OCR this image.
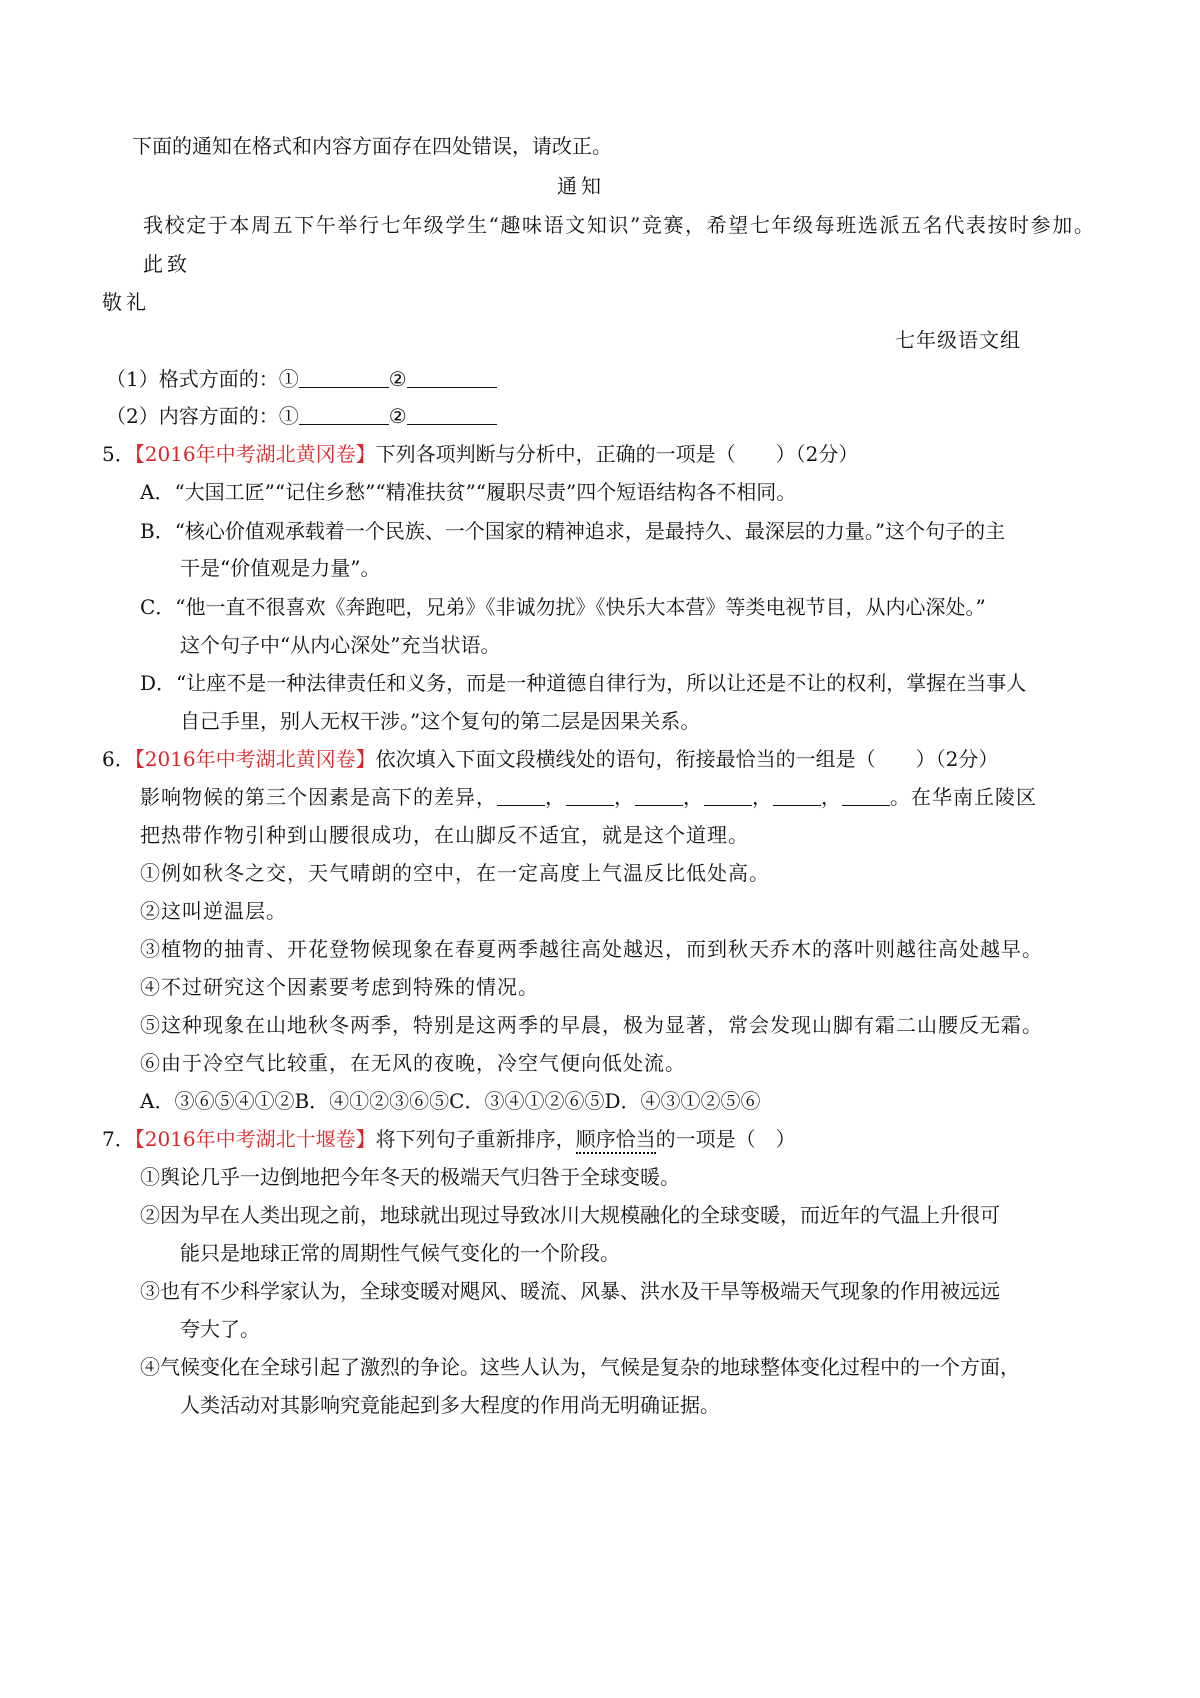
下面的通知在格式和内容方面存在四处错误，请改正。
通知
我校定于本周五下午举行七年级学生“趣味语文知识”竞赛，希望七年级每班选派五名代表按时参加。
此致
敬礼
七年级语文组
（1）格式方面的：①	②
（2）内容方面的：①	②
5．【2016年中考湖北黄冈卷】下列各项判断与分析中，正确的一项是（　　）（2分）
A．“大国工匠”“记住乡愁”“精准扶贫”“履职尽责”四个短语结构各不相同。
B．“核心价值观承载着一个民族、一个国家的精神追求，是最持久、最深层的力量。”这个句子的主
干是“价值观是力量”。
C．“他一直不很喜欢《奔跑吧，兄弟》《非诚勿扰》《快乐大本营》等类电视节目，从内心深处。”
这个句子中“从内心深处”充当状语。
D．“让座不是一种法律责任和义务，而是一种道德自律行为，所以让还是不让的权利，掌握在当事人
自己手里，别人无权干涉。”这个复句的第二层是因果关系。
6．【2016年中考湖北黄冈卷】依次填入下面文段横线处的语句，衔接最恰当的一组是（　　）（2分）
影响物候的第三个因素是高下的差异， ， ， ， ， ， 。在华南丘陵区
把热带作物引种到山腰很成功，在山脚反不适宜，就是这个道理。
①例如秋冬之交，天气晴朗的空中，在一定高度上气温反比低处高。
②这叫逆温层。
③植物的抽青、开花登物候现象在春夏两季越往高处越迟，而到秋天乔木的落叶则越往高处越早。
④不过研究这个因素要考虑到特殊的情况。
⑤这种现象在山地秋冬两季，特别是这两季的早晨，极为显著，常会发现山脚有霜二山腰反无霜。
⑥由于冷空气比较重，在无风的夜晚，冷空气便向低处流。
A．③⑥⑤④①②B．④①②③⑥⑤C．③④①②⑥⑤D．④③①②⑤⑥
7．【2016年中考湖北十堰卷】将下列句子重新排序，顺序恰当的一项是（　）
①舆论几乎一边倒地把今年冬天的极端天气归咎于全球变暖。
②因为早在人类出现之前，地球就出现过导致冰川大规模融化的全球变暖，而近年的气温上升很可
能只是地球正常的周期性气候气变化的一个阶段。
③也有不少科学家认为，全球变暖对飓风、暖流、风暴、洪水及干旱等极端天气现象的作用被远远
夸大了。
④气候变化在全球引起了激烈的争论。这些人认为，气候是复杂的地球整体变化过程中的一个方面，
人类活动对其影响究竟能起到多大程度的作用尚无明确证据。
